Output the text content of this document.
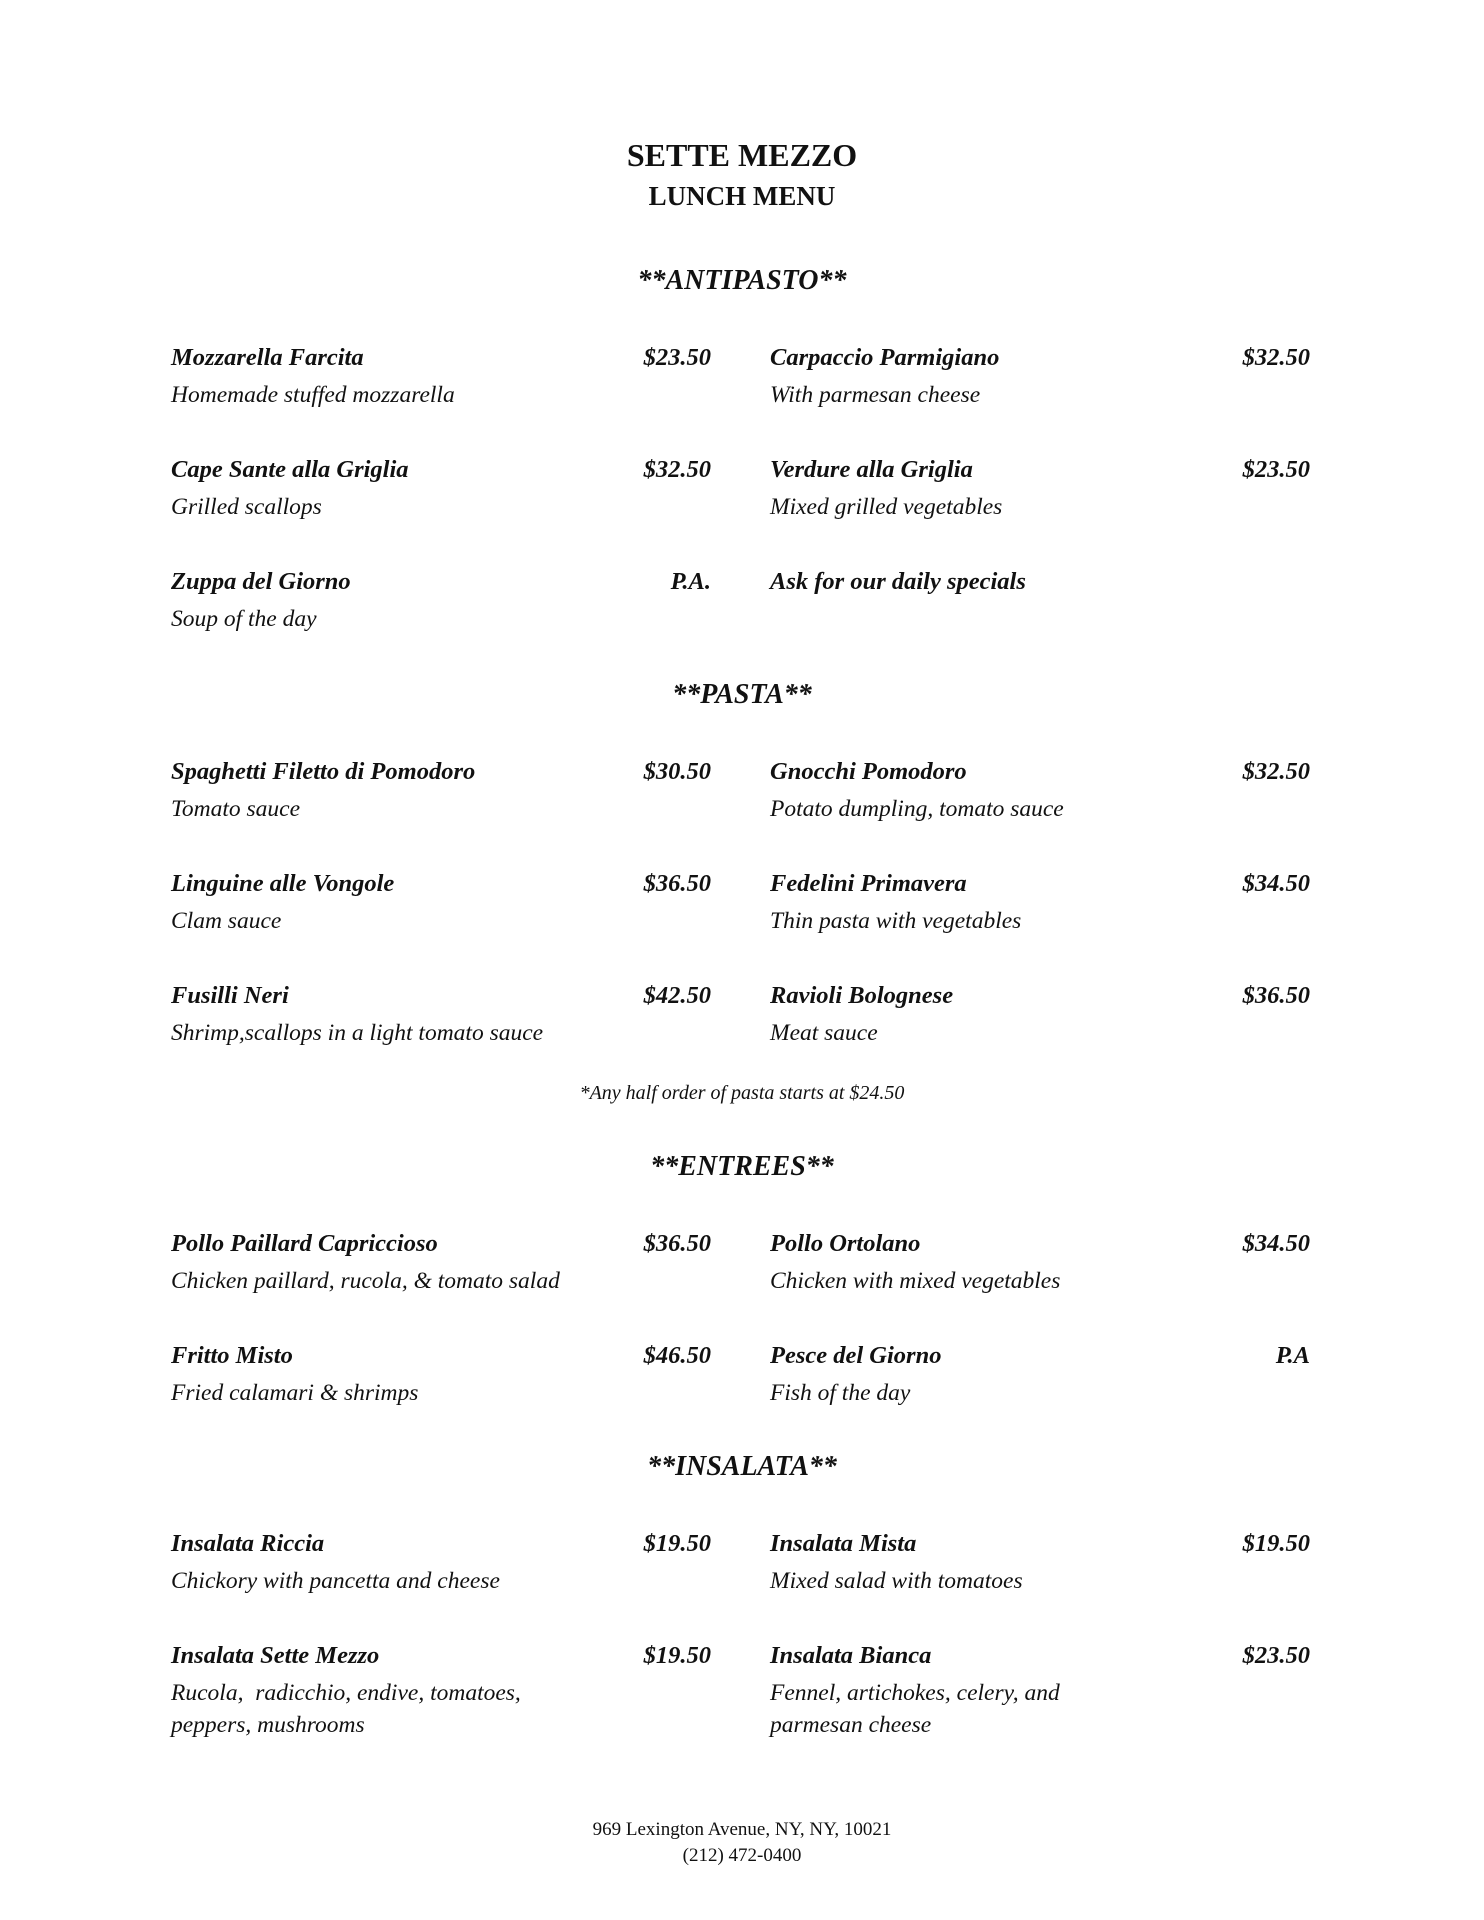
SETTE MEZZO
LUNCH MENU
**ANTIPASTO**
Mozzarella Farcita	$23.50
Homemade stuffed mozzarella
Carpaccio Parmigiano	$32.50
With parmesan cheese
Cape Sante alla Griglia	$32.50
Grilled scallops
Verdure alla Griglia	$23.50
Mixed grilled vegetables
Zuppa del Giorno	P.A.
Soup of the day
Ask for our daily specials
**PASTA**
Spaghetti Filetto di Pomodoro	$30.50
Tomato sauce
Gnocchi Pomodoro	$32.50
Potato dumpling, tomato sauce
Linguine alle Vongole	$36.50
Clam sauce
Fedelini Primavera	$34.50
Thin pasta with vegetables
Fusilli Neri	$42.50
Shrimp,scallops in a light tomato sauce
Ravioli Bolognese	$36.50
Meat sauce
*Any half order of pasta starts at $24.50
**ENTREES**
Pollo Paillard Capriccioso	$36.50
Chicken paillard, rucola, & tomato salad
Pollo Ortolano	$34.50
Chicken with mixed vegetables
Fritto Misto	$46.50
Fried calamari & shrimps
Pesce del Giorno	P.A
Fish of the day
**INSALATA**
Insalata Riccia	$19.50
Chickory with pancetta and cheese
Insalata Mista	$19.50
Mixed salad with tomatoes
Insalata Sette Mezzo	$19.50
Rucola,  radicchio, endive, tomatoes, peppers, mushrooms
Insalata Bianca	$23.50
Fennel, artichokes, celery, and parmesan cheese
969 Lexington Avenue, NY, NY, 10021
(212) 472-0400
